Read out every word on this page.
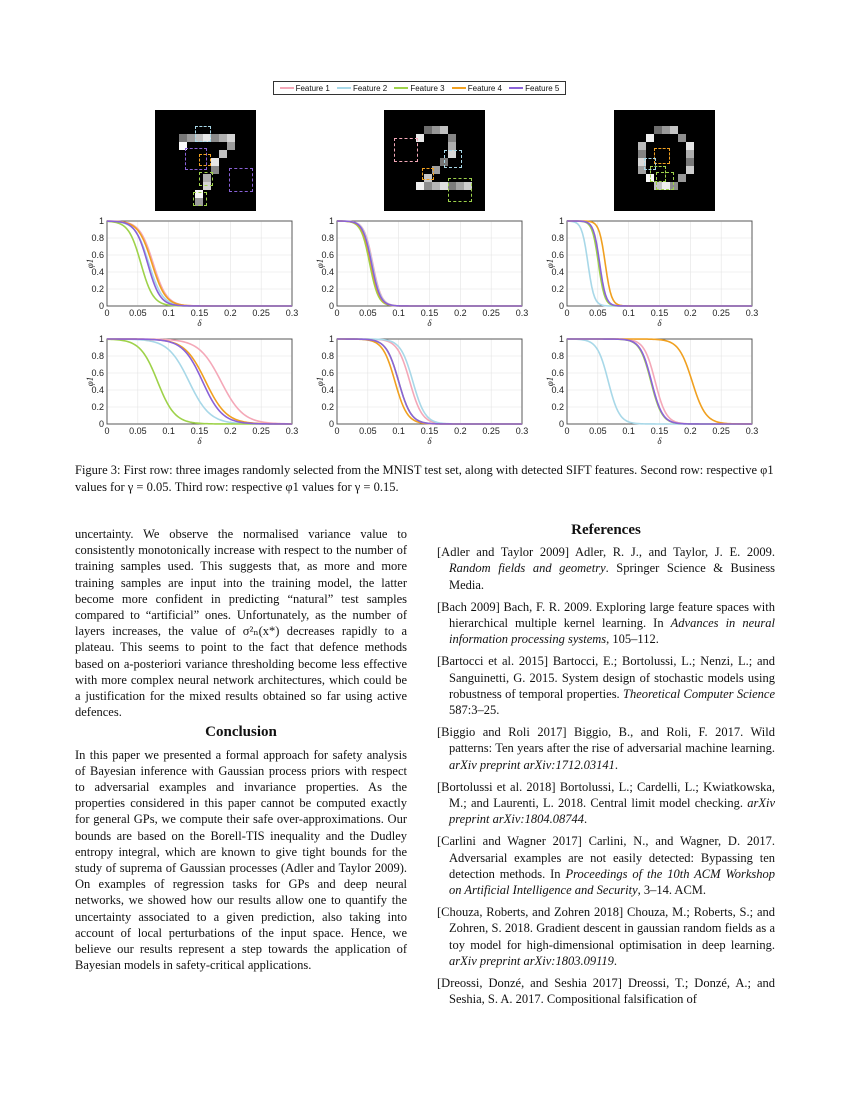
Feature 1	Feature 2	Feature 3	Feature 4	Feature 5
0 0.05 0.1 0.15 0.2 0.25 0.3
0
0.2
0.4
0.6
0.8
1
δ
φ1
0 0.05 0.1 0.15 0.2 0.25 0.3
0
0.2
0.4
0.6
0.8
1
δ
φ1
0 0.05 0.1 0.15 0.2 0.25 0.3
0
0.2
0.4
0.6
0.8
1
δ
φ1
0 0.05 0.1 0.15 0.2 0.25 0.3
0
0.2
0.4
0.6
0.8
1
δ
φ1
0 0.05 0.1 0.15 0.2 0.25 0.3
0
0.2
0.4
0.6
0.8
1
δ
φ1
0 0.05 0.1 0.15 0.2 0.25 0.3
0
0.2
0.4
0.6
0.8
1
δ
φ1
Figure 3: First row: three images randomly selected from the MNIST test set, along with detected SIFT features. Second row: respective φ1 values for γ = 0.05. Third row: respective φ1 values for γ = 0.15.

uncertainty. We observe the normalised variance value to consistently monotonically increase with respect to the number of training samples used. This suggests that, as more and more training samples are input into the training model, the latter become more confident in predicting “natural” test samples compared to “artificial” ones. Unfortunately, as the number of layers increases, the value of σ²ₙ(x*) decreases rapidly to a plateau. This seems to point to the fact that defence methods based on a-posteriori variance thresholding become less effective with more complex neural network architectures, which could be a justification for the mixed results obtained so far using active defences.

Conclusion

In this paper we presented a formal approach for safety analysis of Bayesian inference with Gaussian process priors with respect to adversarial examples and invariance properties. As the properties considered in this paper cannot be computed exactly for general GPs, we compute their safe over-approximations. Our bounds are based on the Borell-TIS inequality and the Dudley entropy integral, which are known to give tight bounds for the study of suprema of Gaussian processes (Adler and Taylor 2009). On examples of regression tasks for GPs and deep neural networks, we showed how our results allow one to quantify the uncertainty associated to a given prediction, also taking into account of local perturbations of the input space. Hence, we believe our results represent a step towards the application of Bayesian models in safety-critical applications.

References

[Adler and Taylor 2009] Adler, R. J., and Taylor, J. E. 2009. Random fields and geometry. Springer Science & Business Media.

[Bach 2009] Bach, F. R. 2009. Exploring large feature spaces with hierarchical multiple kernel learning. In Advances in neural information processing systems, 105–112.

[Bartocci et al. 2015] Bartocci, E.; Bortolussi, L.; Nenzi, L.; and Sanguinetti, G. 2015. System design of stochastic models using robustness of temporal properties. Theoretical Computer Science 587:3–25.

[Biggio and Roli 2017] Biggio, B., and Roli, F. 2017. Wild patterns: Ten years after the rise of adversarial machine learning. arXiv preprint arXiv:1712.03141.

[Bortolussi et al. 2018] Bortolussi, L.; Cardelli, L.; Kwiatkowska, M.; and Laurenti, L. 2018. Central limit model checking. arXiv preprint arXiv:1804.08744.

[Carlini and Wagner 2017] Carlini, N., and Wagner, D. 2017. Adversarial examples are not easily detected: Bypassing ten detection methods. In Proceedings of the 10th ACM Workshop on Artificial Intelligence and Security, 3–14. ACM.

[Chouza, Roberts, and Zohren 2018] Chouza, M.; Roberts, S.; and Zohren, S. 2018. Gradient descent in gaussian random fields as a toy model for high-dimensional optimisation in deep learning. arXiv preprint arXiv:1803.09119.

[Dreossi, Donzé, and Seshia 2017] Dreossi, T.; Donzé, A.; and Seshia, S. A. 2017. Compositional falsification of
